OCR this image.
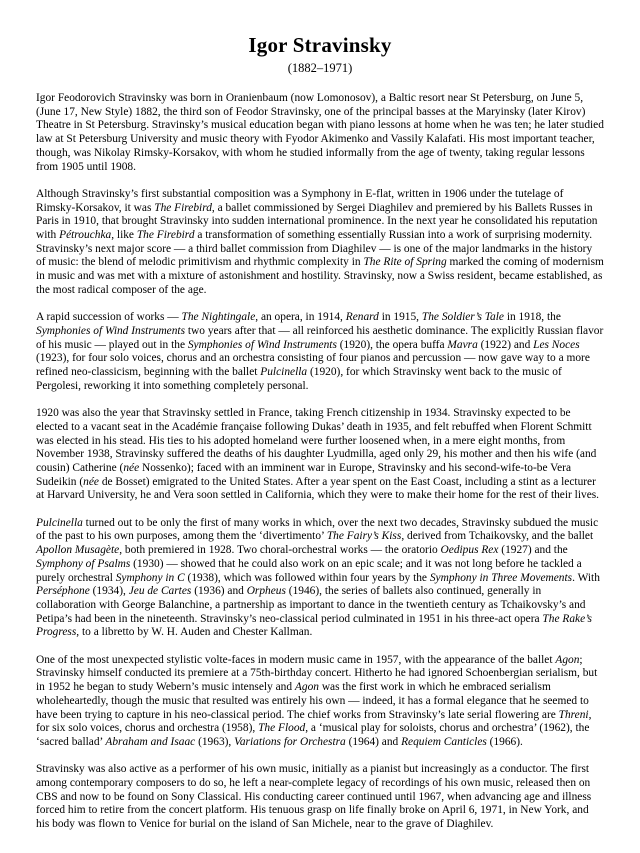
Igor Stravinsky
(1882–1971)

Igor Feodorovich Stravinsky was born in Oranienbaum (now Lomonosov), a Baltic resort near St Petersburg, on June 5, (June 17, New Style) 1882, the third son of Feodor Stravinsky, one of the principal basses at the Maryinsky (later Kirov) Theatre in St Petersburg. Stravinsky’s musical education began with piano lessons at home when he was ten; he later studied law at St Petersburg University and music theory with Fyodor Akimenko and Vassily Kalafati. His most important teacher, though, was Nikolay Rimsky-Korsakov, with whom he studied informally from the age of twenty, taking regular lessons from 1905 until 1908.

Although Stravinsky’s first substantial composition was a Symphony in E-flat, written in 1906 under the tutelage of Rimsky-Korsakov, it was The Firebird, a ballet commissioned by Sergei Diaghilev and premiered by his Ballets Russes in Paris in 1910, that brought Stravinsky into sudden international prominence. In the next year he consolidated his reputation with Pétrouchka, like The Firebird a transformation of something essentially Russian into a work of surprising modernity. Stravinsky’s next major score — a third ballet commission from Diaghilev — is one of the major landmarks in the history of music: the blend of melodic primitivism and rhythmic complexity in The Rite of Spring marked the coming of modernism in music and was met with a mixture of astonishment and hostility. Stravinsky, now a Swiss resident, became established, as the most radical composer of the age.

A rapid succession of works — The Nightingale, an opera, in 1914, Renard in 1915, The Soldier’s Tale in 1918, the Symphonies of Wind Instruments two years after that — all reinforced his aesthetic dominance. The explicitly Russian flavor of his music — played out in the Symphonies of Wind Instruments (1920), the opera buffa Mavra (1922) and Les Noces (1923), for four solo voices, chorus and an orchestra consisting of four pianos and percussion — now gave way to a more refined neo-classicism, beginning with the ballet Pulcinella (1920), for which Stravinsky went back to the music of Pergolesi, reworking it into something completely personal.

1920 was also the year that Stravinsky settled in France, taking French citizenship in 1934. Stravinsky expected to be elected to a vacant seat in the Académie française following Dukas’ death in 1935, and felt rebuffed when Florent Schmitt was elected in his stead. His ties to his adopted homeland were further loosened when, in a mere eight months, from November 1938, Stravinsky suffered the deaths of his daughter Lyudmilla, aged only 29, his mother and then his wife (and cousin) Catherine (née Nossenko); faced with an imminent war in Europe, Stravinsky and his second-wife-to-be Vera Sudeikin (née de Bosset) emigrated to the United States. After a year spent on the East Coast, including a stint as a lecturer at Harvard University, he and Vera soon settled in California, which they were to make their home for the rest of their lives.

Pulcinella turned out to be only the first of many works in which, over the next two decades, Stravinsky subdued the music of the past to his own purposes, among them the ‘divertimento’ The Fairy’s Kiss, derived from Tchaikovsky, and the ballet Apollon Musagète, both premiered in 1928. Two choral-orchestral works — the oratorio Oedipus Rex (1927) and the Symphony of Psalms (1930) — showed that he could also work on an epic scale; and it was not long before he tackled a purely orchestral Symphony in C (1938), which was followed within four years by the Symphony in Three Movements. With Perséphone (1934), Jeu de Cartes (1936) and Orpheus (1946), the series of ballets also continued, generally in collaboration with George Balanchine, a partnership as important to dance in the twentieth century as Tchaikovsky’s and Petipa’s had been in the nineteenth. Stravinsky’s neo-classical period culminated in 1951 in his three-act opera The Rake’s Progress, to a libretto by W. H. Auden and Chester Kallman.

One of the most unexpected stylistic volte-faces in modern music came in 1957, with the appearance of the ballet Agon; Stravinsky himself conducted its premiere at a 75th-birthday concert. Hitherto he had ignored Schoenbergian serialism, but in 1952 he began to study Webern’s music intensely and Agon was the first work in which he embraced serialism wholeheartedly, though the music that resulted was entirely his own — indeed, it has a formal elegance that he seemed to have been trying to capture in his neo-classical period. The chief works from Stravinsky’s late serial flowering are Threni, for six solo voices, chorus and orchestra (1958), The Flood, a ‘musical play for soloists, chorus and orchestra’ (1962), the ‘sacred ballad’ Abraham and Isaac (1963), Variations for Orchestra (1964) and Requiem Canticles (1966).

Stravinsky was also active as a performer of his own music, initially as a pianist but increasingly as a conductor. The first among contemporary composers to do so, he left a near-complete legacy of recordings of his own music, released then on CBS and now to be found on Sony Classical. His conducting career continued until 1967, when advancing age and illness forced him to retire from the concert platform. His tenuous grasp on life finally broke on April 6, 1971, in New York, and his body was flown to Venice for burial on the island of San Michele, near to the grave of Diaghilev.
